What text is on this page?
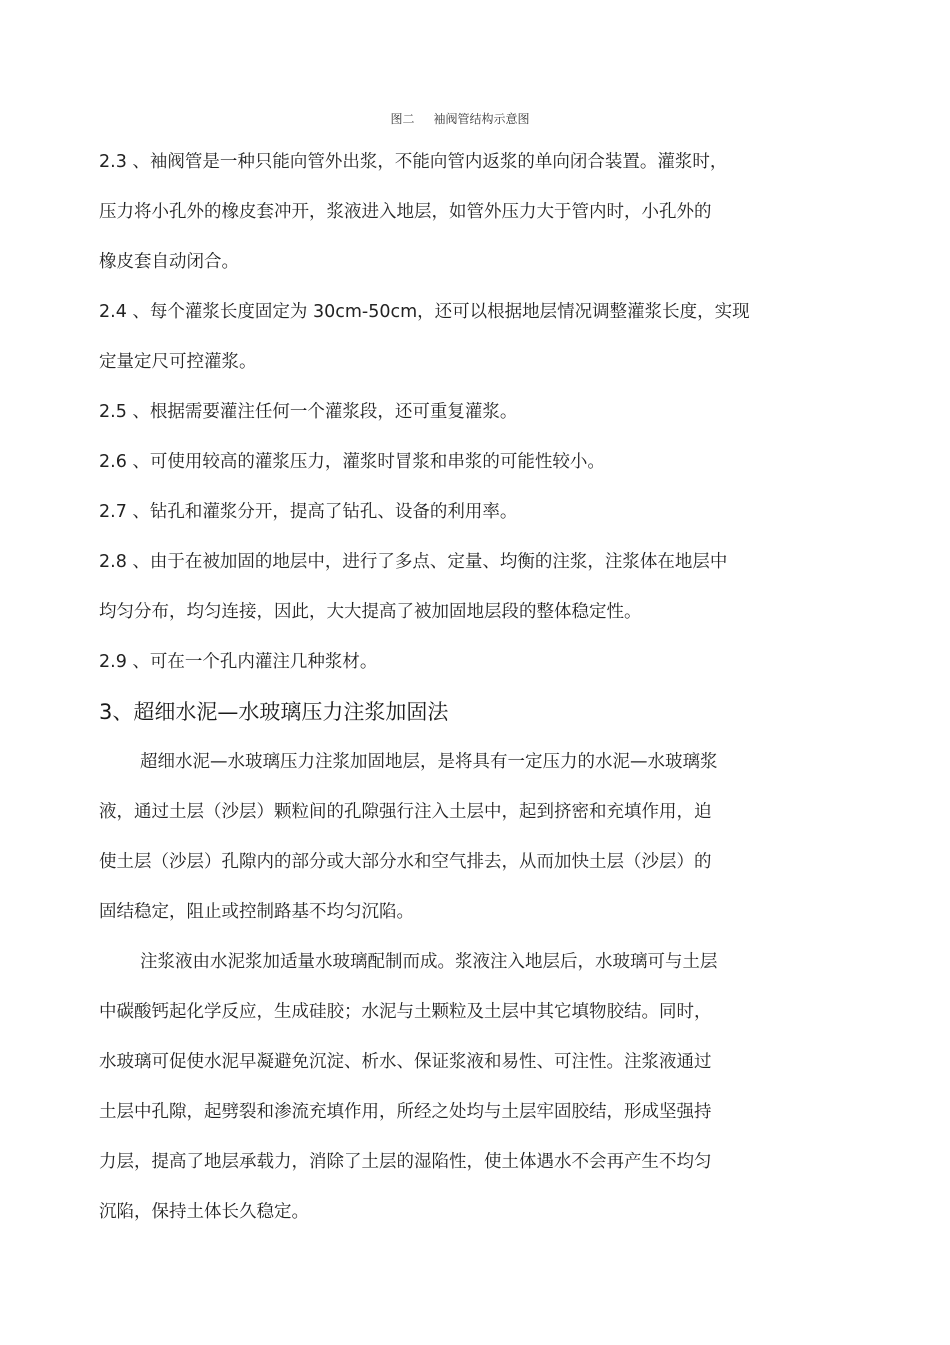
图二     袖阀管结构示意图
2.3 、袖阀管是一种只能向管外出浆，不能向管内返浆的单向闭合装置。灌浆时，
压力将小孔外的橡皮套冲开，浆液进入地层，如管外压力大于管内时，小孔外的
橡皮套自动闭合。
2.4 、每个灌浆长度固定为 30cm-50cm，还可以根据地层情况调整灌浆长度，实现
定量定尺可控灌浆。
2.5 、根据需要灌注任何一个灌浆段，还可重复灌浆。
2.6 、可使用较高的灌浆压力，灌浆时冒浆和串浆的可能性较小。
2.7 、钻孔和灌浆分开，提高了钻孔、设备的利用率。
2.8 、由于在被加固的地层中，进行了多点、定量、均衡的注浆，注浆体在地层中
均匀分布，均匀连接，因此，大大提高了被加固地层段的整体稳定性。
2.9 、可在一个孔内灌注几种浆材。
3、超细水泥—水玻璃压力注浆加固法
超细水泥—水玻璃压力注浆加固地层，是将具有一定压力的水泥—水玻璃浆
液，通过土层（沙层）颗粒间的孔隙强行注入土层中，起到挤密和充填作用，迫
使土层（沙层）孔隙内的部分或大部分水和空气排去，从而加快土层（沙层）的
固结稳定，阻止或控制路基不均匀沉陷。
注浆液由水泥浆加适量水玻璃配制而成。浆液注入地层后，水玻璃可与土层
中碳酸钙起化学反应，生成硅胶；水泥与土颗粒及土层中其它填物胶结。同时，
水玻璃可促使水泥早凝避免沉淀、析水、保证浆液和易性、可注性。注浆液通过
土层中孔隙，起劈裂和渗流充填作用，所经之处均与土层牢固胶结，形成坚强持
力层，提高了地层承载力，消除了土层的湿陷性，使土体遇水不会再产生不均匀
沉陷，保持土体长久稳定。
